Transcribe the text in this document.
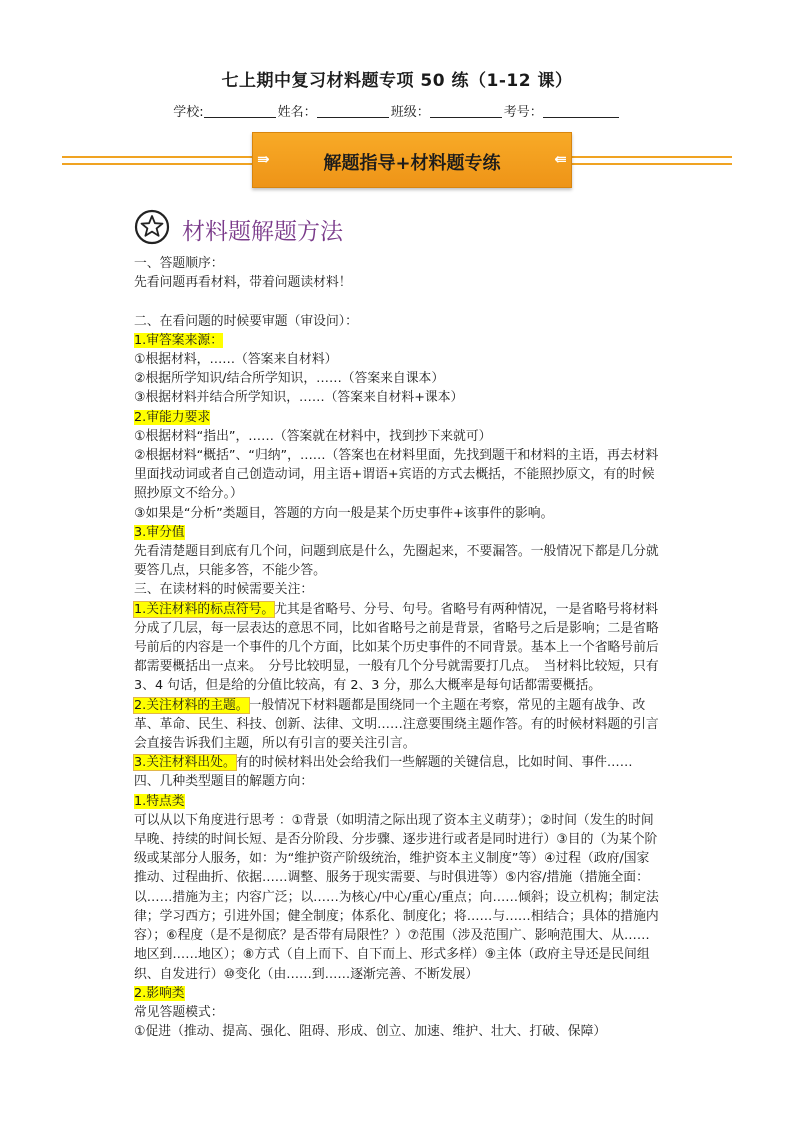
七上期中复习材料题专项 50 练（1-12 课）
学校:	姓名：	班级：	考号：
⇛	解题指导+材料题专练	⇚
材料题解题方法

一、答题顺序：

先看问题再看材料，带着问题读材料！

二、在看问题的时候要审题（审设问）：

1.审答案来源：

①根据材料，……（答案来自材料）

②根据所学知识/结合所学知识，……（答案来自课本）

③根据材料并结合所学知识，……（答案来自材料+课本）

2.审能力要求

①根据材料“指出”，……（答案就在材料中，找到抄下来就可）

②根据材料“概括”、“归纳”，……（答案也在材料里面，先找到题干和材料的主语，再去材料里面找动词或者自己创造动词，用主语+谓语+宾语的方式去概括，不能照抄原文，有的时候照抄原文不给分。）

③如果是“分析”类题目，答题的方向一般是某个历史事件+该事件的影响。

3.审分值

先看清楚题目到底有几个问，问题到底是什么，先圈起来，不要漏答。一般情况下都是几分就要答几点，只能多答，不能少答。

三、在读材料的时候需要关注：

1.关注材料的标点符号。尤其是省略号、分号、句号。省略号有两种情况，一是省略号将材料分成了几层，每一层表达的意思不同，比如省略号之前是背景，省略号之后是影响；二是省略号前后的内容是一个事件的几个方面，比如某个历史事件的不同背景。基本上一个省略号前后都需要概括出一点来。　分号比较明显，一般有几个分号就需要打几点。　当材料比较短，只有 3、4 句话，但是给的分值比较高，有 2、3 分，那么大概率是每句话都需要概括。

2.关注材料的主题。一般情况下材料题都是围绕同一个主题在考察，常见的主题有战争、改革、革命、民生、科技、创新、法律、文明……注意要围绕主题作答。有的时候材料题的引言会直接告诉我们主题，所以有引言的要关注引言。

3.关注材料出处。有的时候材料出处会给我们一些解题的关键信息，比如时间、事件……

四、几种类型题目的解题方向：

1.特点类

可以从以下角度进行思考 ：①背景（如明清之际出现了资本主义萌芽）；②时间（发生的时间早晚、持续的时间长短、是否分阶段、分步骤、逐步进行或者是同时进行）③目的（为某个阶级或某部分人服务，如：为“维护资产阶级统治，维护资本主义制度”等）④过程（政府/国家推动、过程曲折、依据……调整、服务于现实需要、与时俱进等）⑤内容/措施（措施全面：以……措施为主；内容广泛；以……为核心/中心/重心/重点；向……倾斜；设立机构；制定法律；学习西方；引进外国；健全制度；体系化、制度化；将……与……相结合；具体的措施内容）；⑥程度（是不是彻底？是否带有局限性？）⑦范围（涉及范围广、影响范围大、从……地区到……地区）；⑧方式（自上而下、自下而上、形式多样）⑨主体（政府主导还是民间组织、自发进行）⑩变化（由……到……逐渐完善、不断发展）

2.影响类

常见答题模式：

①促进（推动、提高、强化、阻碍、形成、创立、加速、维护、壮大、打破、保障）
